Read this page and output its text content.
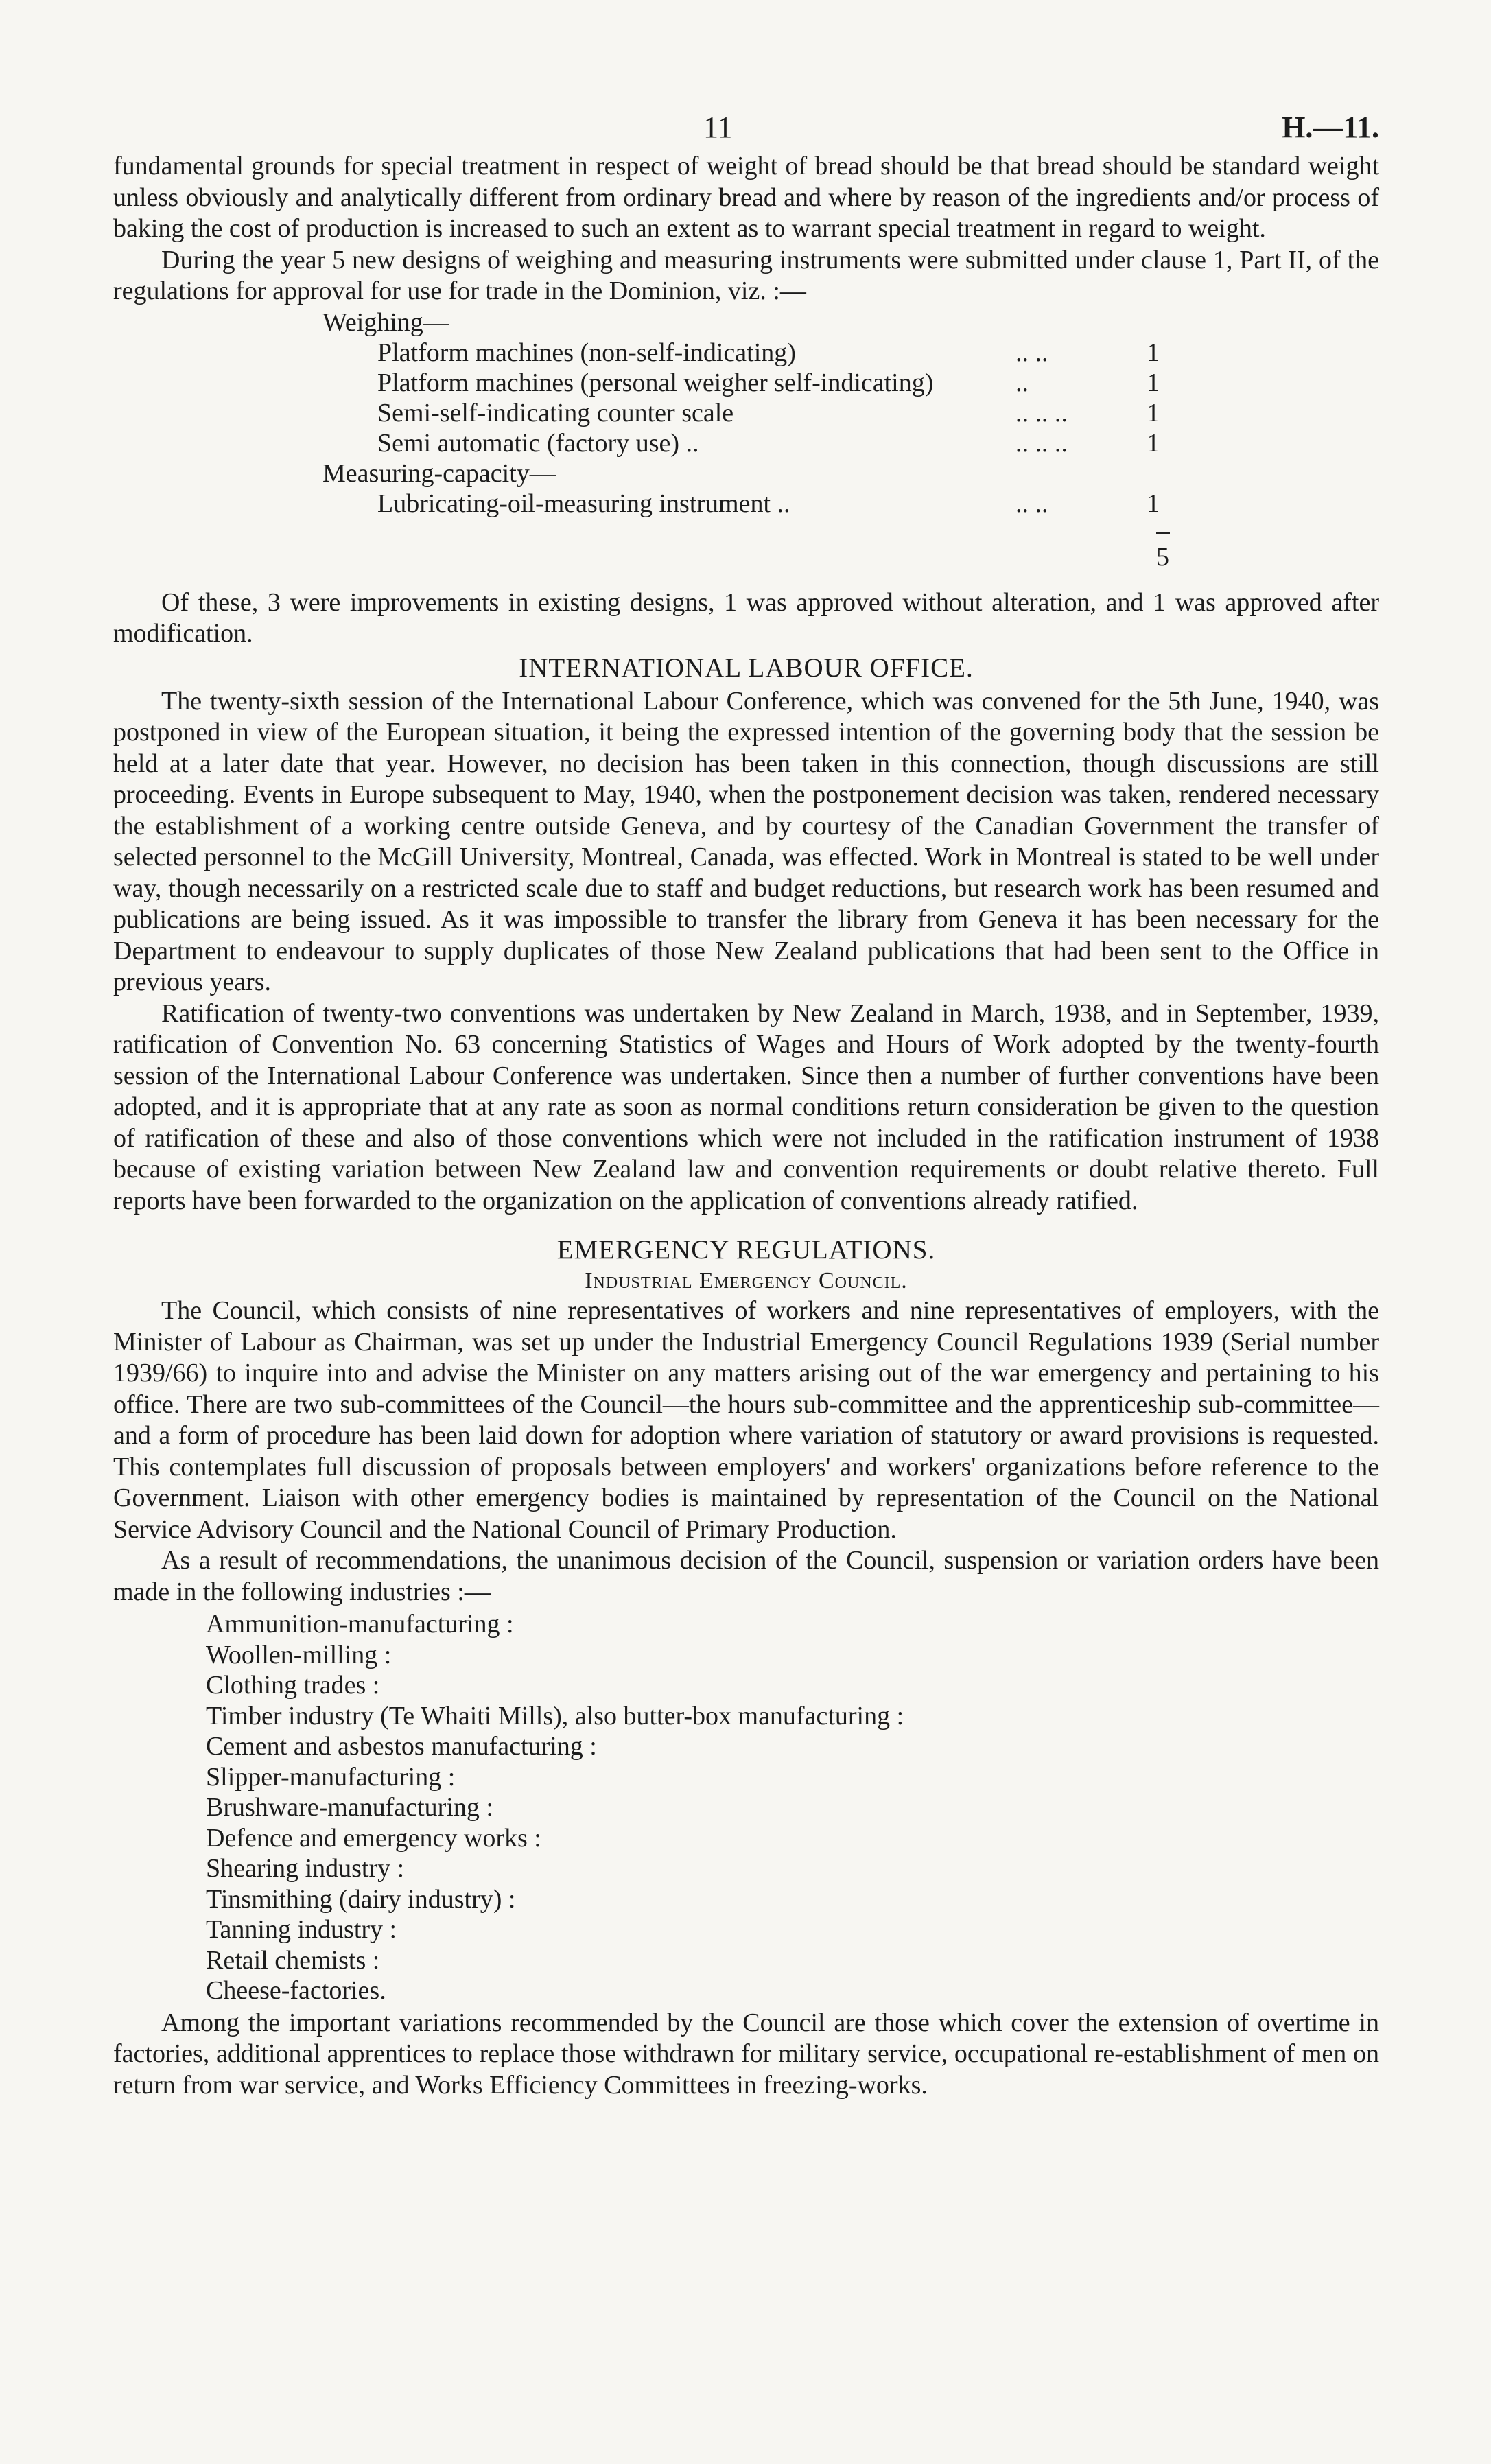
11	H.—11.

fundamental grounds for special treatment in respect of weight of bread should be that bread should be standard weight unless obviously and analytically different from ordinary bread and where by reason of the ingredients and/or process of baking the cost of production is increased to such an extent as to warrant special treatment in regard to weight.

During the year 5 new designs of weighing and measuring instruments were submitted under clause 1, Part II, of the regulations for approval for use for trade in the Dominion, viz. :—

Weighing—
Platform machines (non-self-indicating)	.. ..	1
Platform machines (personal weigher self-indicating)	..	1
Semi-self-indicating counter scale	.. .. ..	1
Semi automatic (factory use) ..	.. .. ..	1
Measuring-capacity—
Lubricating-oil-measuring instrument ..	.. ..	1
5

Of these, 3 were improvements in existing designs, 1 was approved without alteration, and 1 was approved after modification.

INTERNATIONAL LABOUR OFFICE.

The twenty-sixth session of the International Labour Conference, which was convened for the 5th June, 1940, was postponed in view of the European situation, it being the expressed intention of the governing body that the session be held at a later date that year. However, no decision has been taken in this connection, though discussions are still proceeding. Events in Europe subsequent to May, 1940, when the postponement decision was taken, rendered necessary the establishment of a working centre outside Geneva, and by courtesy of the Canadian Government the transfer of selected personnel to the McGill University, Montreal, Canada, was effected. Work in Montreal is stated to be well under way, though necessarily on a restricted scale due to staff and budget reductions, but research work has been resumed and publications are being issued. As it was impossible to transfer the library from Geneva it has been necessary for the Department to endeavour to supply duplicates of those New Zealand publications that had been sent to the Office in previous years.

Ratification of twenty-two conventions was undertaken by New Zealand in March, 1938, and in September, 1939, ratification of Convention No. 63 concerning Statistics of Wages and Hours of Work adopted by the twenty-fourth session of the International Labour Conference was undertaken. Since then a number of further conventions have been adopted, and it is appropriate that at any rate as soon as normal conditions return consideration be given to the question of ratification of these and also of those conventions which were not included in the ratification instrument of 1938 because of existing variation between New Zealand law and convention requirements or doubt relative thereto. Full reports have been forwarded to the organization on the application of conventions already ratified.

EMERGENCY REGULATIONS.
Industrial Emergency Council.

The Council, which consists of nine representatives of workers and nine representatives of employers, with the Minister of Labour as Chairman, was set up under the Industrial Emergency Council Regulations 1939 (Serial number 1939/66) to inquire into and advise the Minister on any matters arising out of the war emergency and pertaining to his office. There are two sub-committees of the Council—the hours sub-committee and the apprenticeship sub-committee—and a form of procedure has been laid down for adoption where variation of statutory or award provisions is requested. This contemplates full discussion of proposals between employers' and workers' organizations before reference to the Government. Liaison with other emergency bodies is maintained by representation of the Council on the National Service Advisory Council and the National Council of Primary Production.

As a result of recommendations, the unanimous decision of the Council, suspension or variation orders have been made in the following industries :—

Ammunition-manufacturing :
Woollen-milling :
Clothing trades :
Timber industry (Te Whaiti Mills), also butter-box manufacturing :
Cement and asbestos manufacturing :
Slipper-manufacturing :
Brushware-manufacturing :
Defence and emergency works :
Shearing industry :
Tinsmithing (dairy industry) :
Tanning industry :
Retail chemists :
Cheese-factories.

Among the important variations recommended by the Council are those which cover the extension of overtime in factories, additional apprentices to replace those withdrawn for military service, occupational re-establishment of men on return from war service, and Works Efficiency Committees in freezing-works.
